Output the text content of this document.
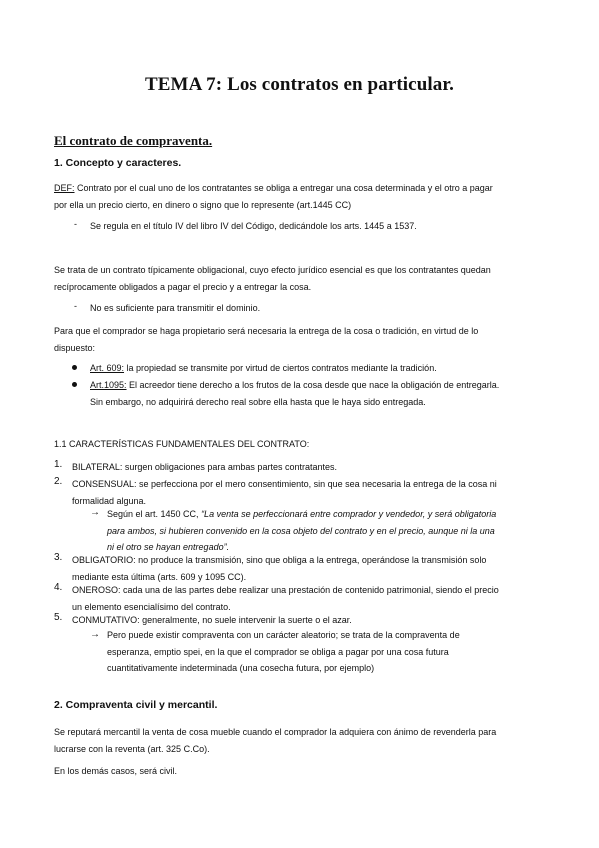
TEMA 7: Los contratos en particular.
El contrato de compraventa.
1. Concepto y caracteres.
DEF: Contrato por el cual uno de los contratantes se obliga a entregar una cosa determinada y el otro a pagar
por ella un precio cierto, en dinero o signo que lo represente (art.1445 CC)
- Se regula en el título IV del libro IV del Código, dedicándole los arts. 1445 a 1537.
Se trata de un contrato típicamente obligacional, cuyo efecto jurídico esencial es que los contratantes quedan
recíprocamente obligados a pagar el precio y a entregar la cosa.
- No es suficiente para transmitir el dominio.
Para que el comprador se haga propietario será necesaria la entrega de la cosa o tradición, en virtud de lo
dispuesto:
Art. 609: la propiedad se transmite por virtud de ciertos contratos mediante la tradición.
Art.1095: El acreedor tiene derecho a los frutos de la cosa desde que nace la obligación de entregarla.
Sin embargo, no adquirirá derecho real sobre ella hasta que le haya sido entregada.
1.1 CARACTERÍSTICAS FUNDAMENTALES DEL CONTRATO:
1. BILATERAL: surgen obligaciones para ambas partes contratantes.
2. CONSENSUAL: se perfecciona por el mero consentimiento, sin que sea necesaria la entrega de la cosa ni
formalidad alguna.
→ Según el art. 1450 CC, “La venta se perfeccionará entre comprador y vendedor, y será obligatoria
para ambos, si hubieren convenido en la cosa objeto del contrato y en el precio, aunque ni la una
ni el otro se hayan entregado”.
3. OBLIGATORIO: no produce la transmisión, sino que obliga a la entrega, operándose la transmisión solo
mediante esta última (arts. 609 y 1095 CC).
4. ONEROSO: cada una de las partes debe realizar una prestación de contenido patrimonial, siendo el precio
un elemento esencialísimo del contrato.
5. CONMUTATIVO: generalmente, no suele intervenir la suerte o el azar.
→ Pero puede existir compraventa con un carácter aleatorio; se trata de la compraventa de
esperanza, emptio spei, en la que el comprador se obliga a pagar por una cosa futura
cuantitativamente indeterminada (una cosecha futura, por ejemplo)
2. Compraventa civil y mercantil.
Se reputará mercantil la venta de cosa mueble cuando el comprador la adquiera con ánimo de revenderla para
lucrarse con la reventa (art. 325 C.Co).
En los demás casos, será civil.
